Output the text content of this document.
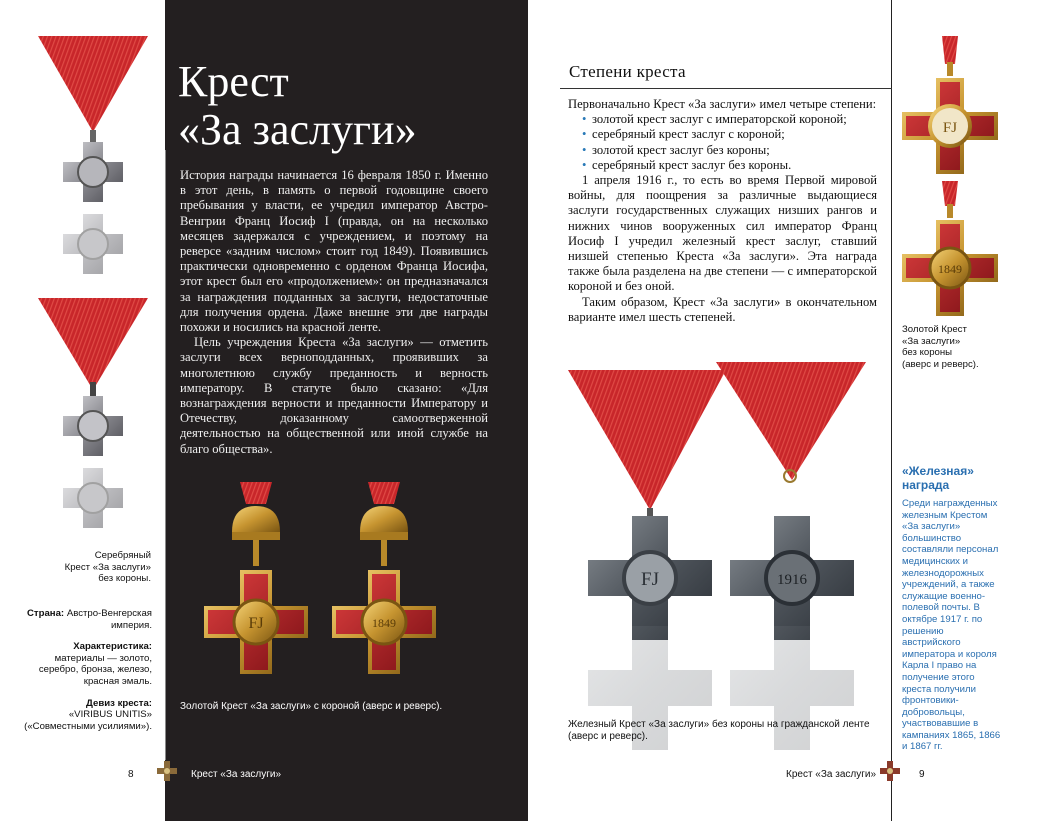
Крест
«За заслуги»

История награды начинается 16 февраля 1850 г. Именно в этот день, в память о первой годовщине своего пребывания у власти, ее учредил император Австро-Венгрии Франц Иосиф I (правда, он на несколько месяцев задержался с учреждением, и поэтому на реверсе «задним числом» стоит год 1849). Появившись практически одновременно с орденом Франца Иосифа, этот крест был его «продолжением»: он предназначался за награждения подданных за заслуги, недостаточные для получения ордена. Даже внешне эти две награды похожи и носились на красной ленте.

Цель учреждения Креста «За заслуги» — отметить заслуги всех верноподданных, проявивших за многолетнюю службу преданность и верность императору. В статуте было сказано: «Для вознаграждения верности и преданности Императору и Отечеству, доказанному самоотверженной деятельностью на общественной или иной службе на благо общества».

Серебряный
Крест «За заслуги»
без короны.
Страна: Австро-Венгерская империя.
Характеристика:
материалы — золото, серебро, бронза, железо, красная эмаль.
Девиз креста:
«VIRIBUS UNITIS» («Совместными усилиями»).
FJ	1849
Золотой Крест «За заслуги» с короной (аверс и реверс).
8	Крест «За заслуги»
Степени креста

Первоначально Крест «За заслуги» имел четыре степени:

• золотой крест заслуг с императорской короной;
• серебряный крест заслуг с короной;
• золотой крест заслуг без короны;
• серебряный крест заслуг без короны.

1 апреля 1916 г., то есть во время Первой мировой войны, для поощрения за различные выдающиеся заслуги государственных служащих низших рангов и нижних чинов вооруженных сил император Франц Иосиф I учредил железный крест заслуг, ставший низшей степенью Креста «За заслуги». Эта награда также была разделена на две степени — с императорской короной и без оной.

Таким образом, Крест «За заслуги» в окончательном варианте имел шесть степеней.

FJ
1849
Золотой Крест
«За заслуги»
без короны
(аверс и реверс).
«Железная»
награда
Среди награжденных железным Крестом «За заслуги» большинство составляли персонал медицинских и железнодорожных учреждений, а также служащие военно-полевой почты. В октябре 1917 г. по решению австрийского императора и короля Карла I право на получение этого креста получили фронтовики-добровольцы, участвовавшие в кампаниях 1865, 1866 и 1867 гг.
FJ	1916
Железный Крест «За заслуги» без короны на гражданской ленте (аверс и реверс).
Крест «За заслуги»	9
